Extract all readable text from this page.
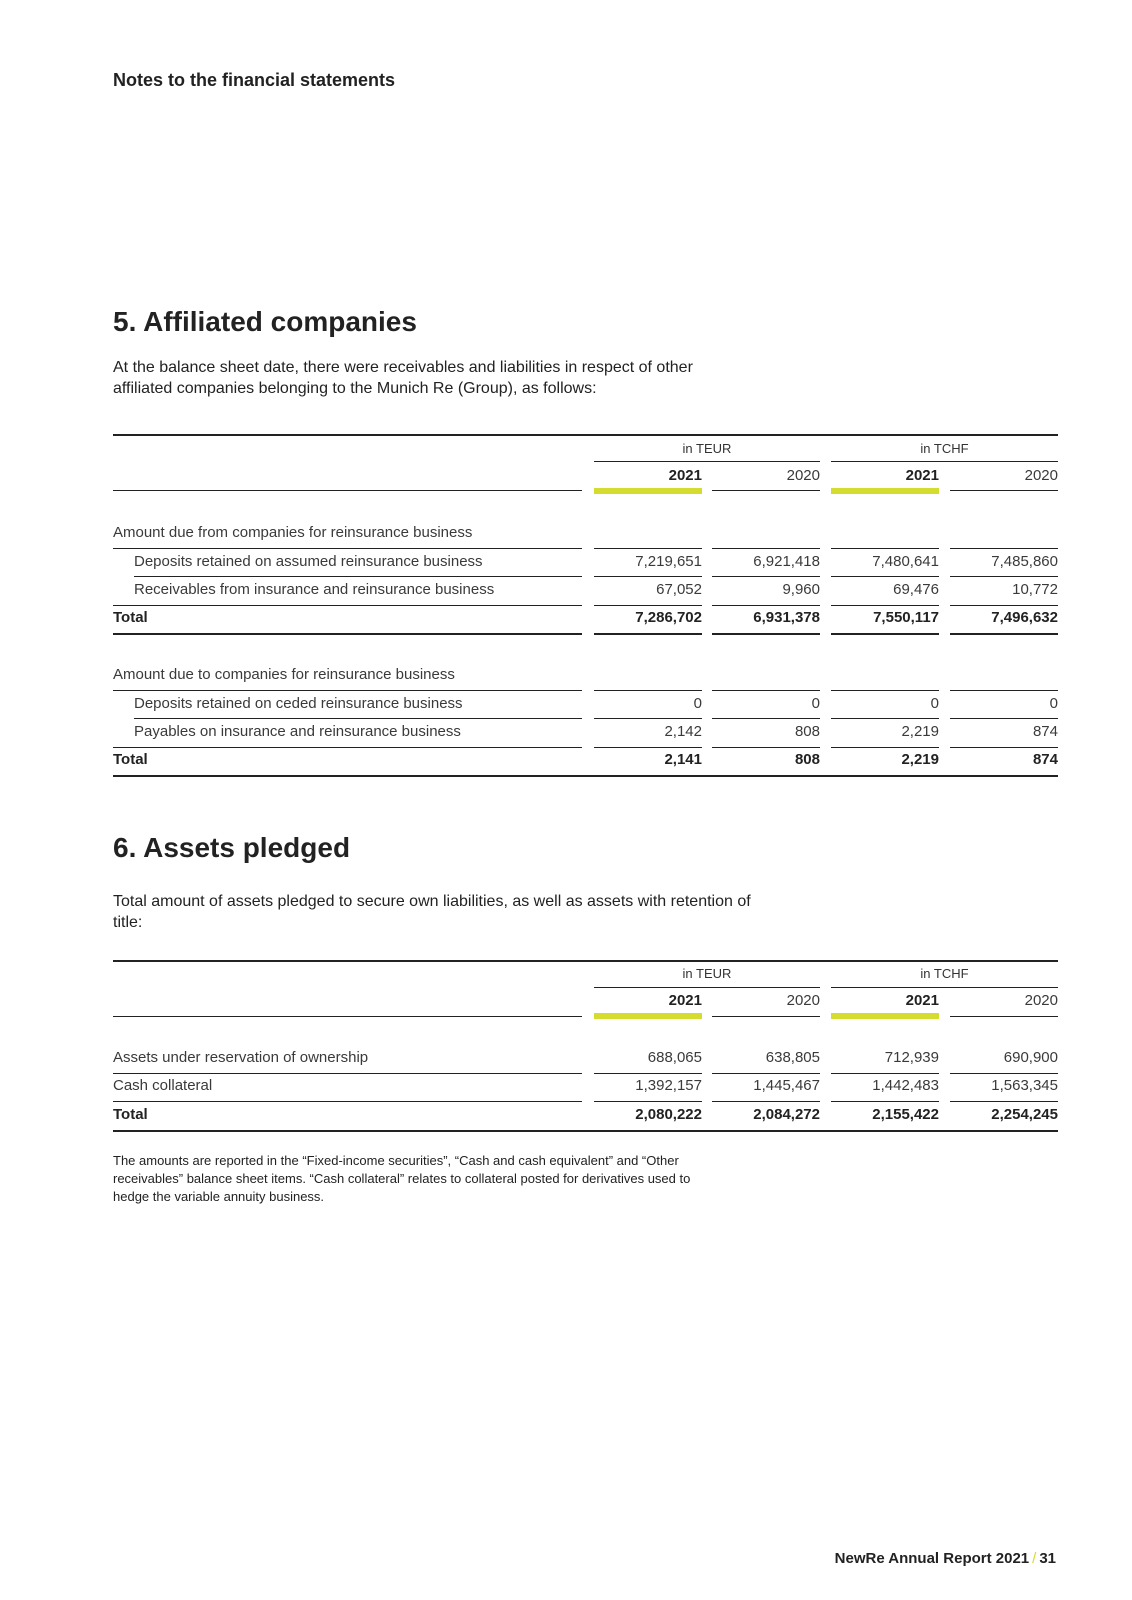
Notes to the financial statements
5. Affiliated companies
At the balance sheet date, there were receivables and liabilities in respect of other affiliated companies belonging to the Munich Re (Group), as follows:
in TEUR	in TCHF
2021	2020	2021	2020
Amount due from companies for reinsurance business
Deposits retained on assumed reinsurance business	7,219,651	6,921,418	7,480,641	7,485,860
Receivables from insurance and reinsurance business	67,052	9,960	69,476	10,772
Total	7,286,702	6,931,378	7,550,117	7,496,632
Amount due to companies for reinsurance business
Deposits retained on ceded reinsurance business	0	0	0	0
Payables on insurance and reinsurance business	2,142	808	2,219	874
Total	2,141	808	2,219	874
6. Assets pledged
Total amount of assets pledged to secure own liabilities, as well as assets with retention of title:
in TEUR	in TCHF
2021	2020	2021	2020
Assets under reservation of ownership	688,065	638,805	712,939	690,900
Cash collateral	1,392,157	1,445,467	1,442,483	1,563,345
Total	2,080,222	2,084,272	2,155,422	2,254,245
The amounts are reported in the “Fixed-income securities”, “Cash and cash equivalent” and “Other receivables” balance sheet items. “Cash collateral” relates to collateral posted for derivatives used to hedge the variable annuity business.
NewRe Annual Report 2021 / 31
